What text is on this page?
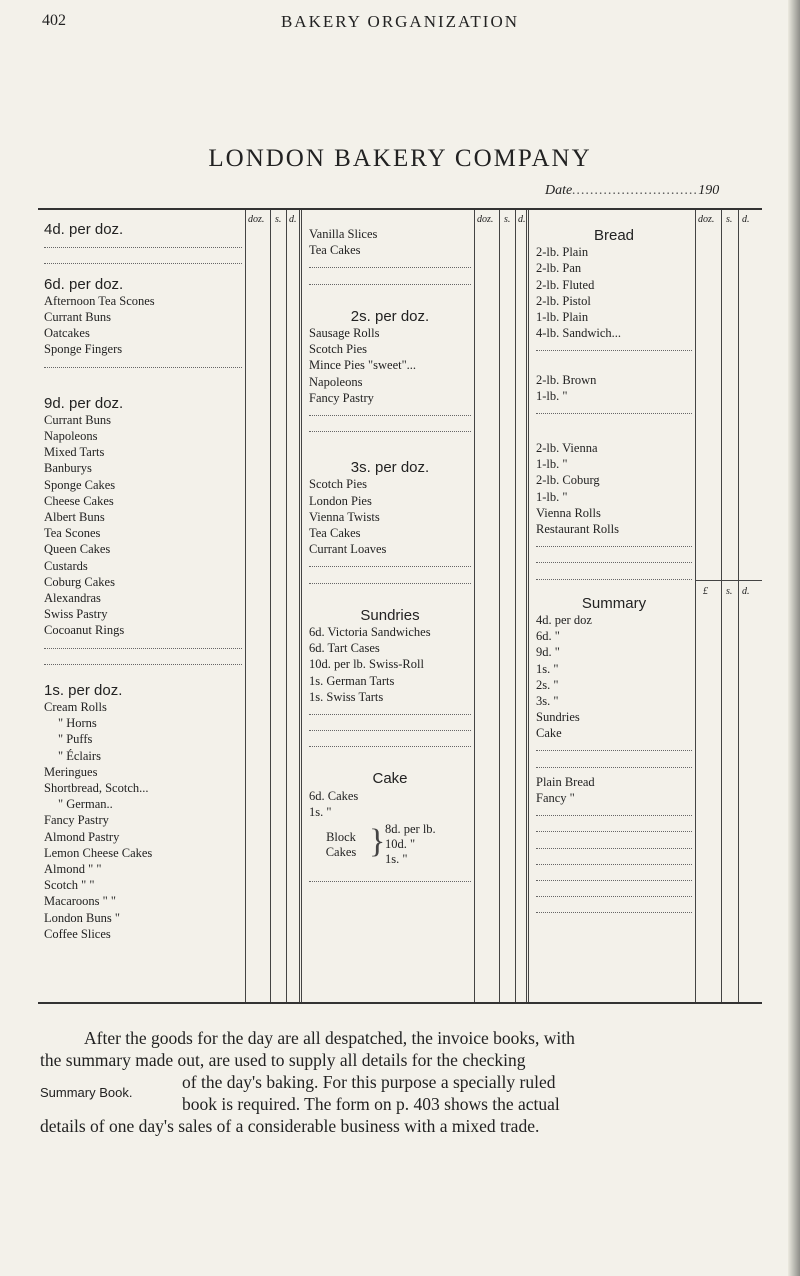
402	BAKERY ORGANIZATION
LONDON BAKERY COMPANY
Date............................190
doz. s. d.	doz. s. d.	doz. s. d.
£ s. d.
4d. per doz.
6d. per doz.
Afternoon Tea Scones
Currant Buns
Oatcakes
Sponge Fingers
9d. per doz.
Currant Buns
Napoleons
Mixed Tarts
Banburys
Sponge Cakes
Cheese Cakes
Albert Buns
Tea Scones
Queen Cakes
Custards
Coburg Cakes
Alexandras
Swiss Pastry
Cocoanut Rings
1s. per doz.
Cream Rolls
" Horns
" Puffs
" Éclairs
Meringues
Shortbread, Scotch...
" German..
Fancy Pastry
Almond Pastry
Lemon Cheese Cakes
Almond " "
Scotch " "
Macaroons " "
London Buns "
Coffee Slices
Vanilla Slices
Tea Cakes
2s. per doz.
Sausage Rolls
Scotch Pies
Mince Pies "sweet"...
Napoleons
Fancy Pastry
3s. per doz.
Scotch Pies
London Pies
Vienna Twists
Tea Cakes
Currant Loaves
Sundries
6d. Victoria Sandwiches
6d. Tart Cases
10d. per lb. Swiss-Roll
1s. German Tarts
1s. Swiss Tarts
Cake
6d. Cakes
1s. "
Block Cakes } 8d. per lb.
10d. "
1s. "
Bread
2-lb. Plain
2-lb. Pan
2-lb. Fluted
2-lb. Pistol
1-lb. Plain
4-lb. Sandwich...
2-lb. Brown
1-lb. "
2-lb. Vienna
1-lb. "
2-lb. Coburg
1-lb. "
Vienna Rolls
Restaurant Rolls
Summary
4d. per doz
6d. "
9d. "
1s. "
2s. "
3s. "
Sundries
Cake
Plain Bread
Fancy "
After the goods for the day are all despatched, the invoice books, with
the summary made out, are used to supply all details for the checking
Summary Book.
of the day's baking. For this purpose a specially ruled
book is required. The form on p. 403 shows the actual
details of one day's sales of a considerable business with a mixed trade.
